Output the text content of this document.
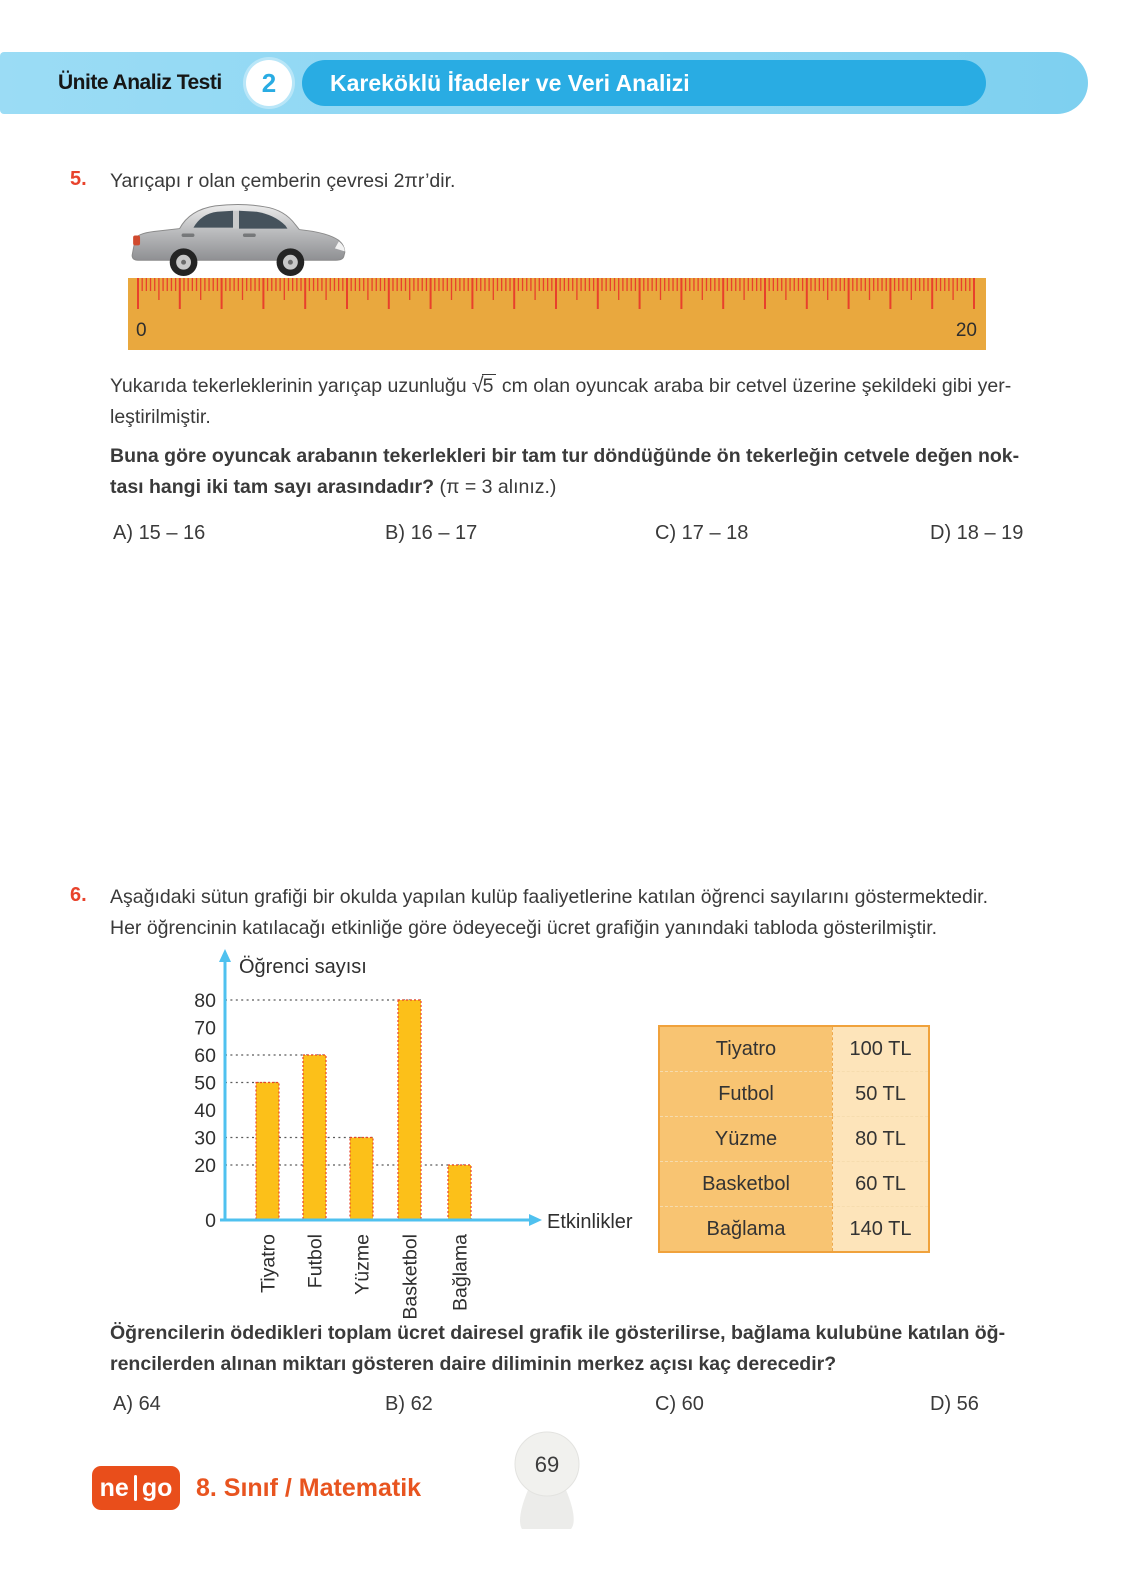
Ünite Analiz Testi	2	Kareköklü İfadeler ve Veri Analizi
5. Yarıçapı r olan çemberin çevresi 2πr’dir.
0	20
Yukarıda tekerleklerinin yarıçap uzunluğu √5 cm olan oyuncak araba bir cetvel üzerine şekildeki gibi yer-
leştirilmiştir.
Buna göre oyuncak arabanın tekerlekleri bir tam tur döndüğünde ön tekerleğin cetvele değen nok-
tası hangi iki tam sayı arasındadır? (π = 3 alınız.)
A) 15 – 16	B) 16 – 17	C) 17 – 18	D) 18 – 19
6. Aşağıdaki sütun grafiği bir okulda yapılan kulüp faaliyetlerine katılan öğrenci sayılarını göstermektedir.
Her öğrencinin katılacağı etkinliğe göre ödeyeceği ücret grafiğin yanındaki tabloda gösterilmiştir.
0
20
30
40
50
60
70
80
Tiyatro Futbol Yüzme Basketbol Bağlama
Öğrenci sayısı
Etkinlikler
Tiyatro	100 TL
Futbol	50 TL
Yüzme	80 TL
Basketbol	60 TL
Bağlama	140 TL
Öğrencilerin ödedikleri toplam ücret dairesel grafik ile gösterilirse, bağlama kulubüne katılan öğ-
rencilerden alınan miktarı gösteren daire diliminin merkez açısı kaç derecedir?
A) 64	B) 62	C) 60	D) 56
ne go 8. Sınıf / Matematik
69
